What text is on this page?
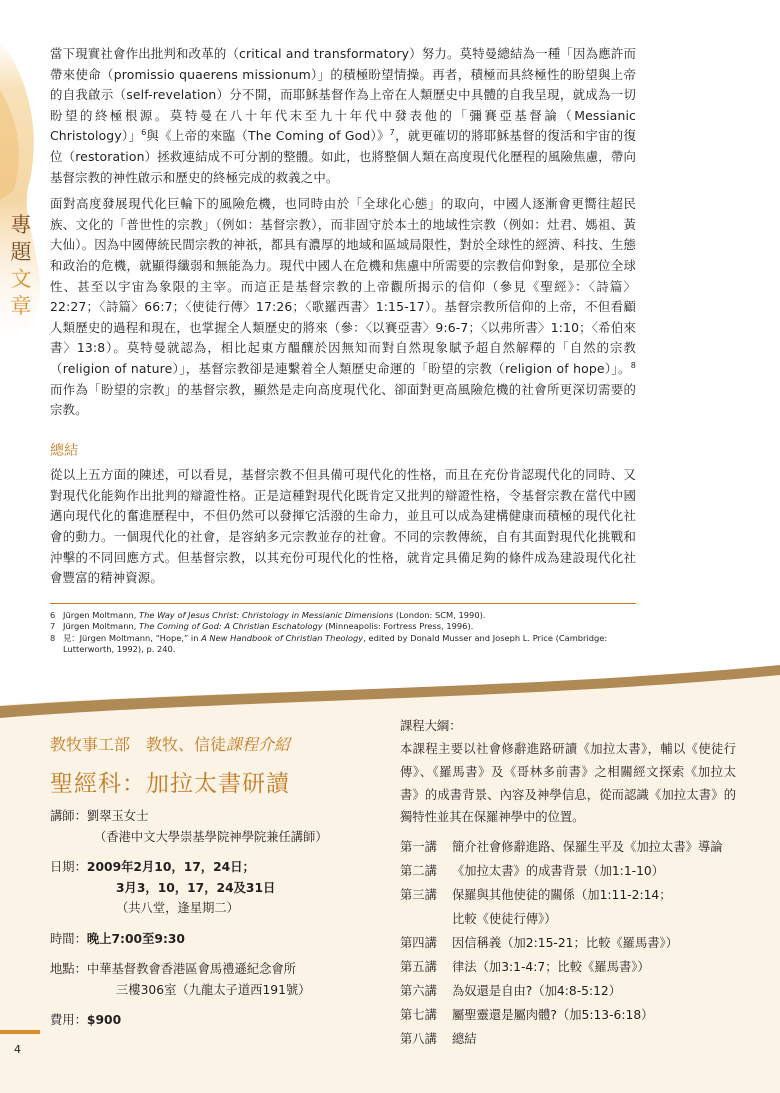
專
題
文
章

當下現實社會作出批判和改革的（critical and transformatory）努力。莫特曼總結為一種「因為應許而帶來使命（promissio quaerens missionum）」的積極盼望情操。再者，積極而具終極性的盼望與上帝的自我啟示（self-revelation）分不開，而耶穌基督作為上帝在人類歷史中具體的自我呈現，就成為一切盼望的終極根源。莫特曼在八十年代末至九十年代中發表他的「彌賽亞基督論（Messianic Christology）」$^6$與《上帝的來臨（The Coming of God）》$^7$，就更確切的將耶穌基督的復活和宇宙的復位（restoration）拯救連結成不可分割的整體。如此，也將整個人類在高度現代化歷程的風險焦慮，帶向基督宗教的神性啟示和歷史的終極完成的救義之中。

面對高度發展現代化巨輪下的風險危機，也同時由於「全球化心態」的取向，中國人逐漸會更嚮往超民族、文化的「普世性的宗教」（例如：基督宗教），而非固守於本土的地域性宗教（例如：灶君、媽祖、黃大仙）。因為中國傳統民間宗教的神祇，都具有濃厚的地域和區域局限性，對於全球性的經濟、科技、生態和政治的危機，就顯得纖弱和無能為力。現代中國人在危機和焦慮中所需要的宗教信仰對象，是那位全球性、甚至以宇宙為象限的主宰。而這正是基督宗教的上帝觀所揭示的信仰（參見《聖經》：〈詩篇〉22:27；〈詩篇〉66:7；〈使徒行傳〉17:26；〈歌羅西書〉1:15-17）。基督宗教所信仰的上帝，不但看顧人類歷史的過程和現在，也掌握全人類歷史的將來（參：〈以賽亞書〉9:6-7；〈以弗所書〉1:10；〈希伯來書〉13:8）。莫特曼就認為，相比起東方醞釀於因無知而對自然現象賦予超自然解釋的「自然的宗教（religion of nature）」，基督宗教卻是連繫着全人類歷史命運的「盼望的宗教（religion of hope）」。$^8$而作為「盼望的宗教」的基督宗教，顯然是走向高度現代化、卻面對更高風險危機的社會所更深切需要的宗教。

總結

從以上五方面的陳述，可以看見，基督宗教不但具備可現代化的性格，而且在充份肯認現代化的同時、又對現代化能夠作出批判的辯證性格。正是這種對現代化既肯定又批判的辯證性格，令基督宗教在當代中國邁向現代化的奮進歷程中，不但仍然可以發揮它活潑的生命力，並且可以成為建構健康而積極的現代化社會的動力。一個現代化的社會，是容納多元宗教並存的社會。不同的宗教傳統，自有其面對現代化挑戰和沖擊的不同回應方式。但基督宗教，以其充份可現代化的性格，就肯定具備足夠的條件成為建設現代化社會豐富的精神資源。

6 Jürgen Moltmann, The Way of Jesus Christ: Christology in Messianic Dimensions (London: SCM, 1990).
7 Jürgen Moltmann, The Coming of God: A Christian Eschatology (Minneapolis: Fortress Press, 1996).
8 見：Jürgen Moltmann, “Hope,” in A New Handbook of Christian Theology, edited by Donald Musser and Joseph L. Price (Cambridge: Lutterworth, 1992), p. 240.

教牧事工部　教牧、信徒課程介紹

聖經科：加拉太書研讀

講師：劉翠玉女士

（香港中文大學崇基學院神學院兼任講師）

日期：2009年2月10，17，24日；

3月3，10，17，24及31日

（共八堂，逢星期二）

時間：晚上7:00至9:30

地點：中華基督教會香港區會馬禮遜紀念會所

三樓306室（九龍太子道西191號）

費用：$900

課程大綱：

本課程主要以社會修辭進路研讀《加拉太書》，輔以《使徒行傳》、《羅馬書》及《哥林多前書》之相關經文探索《加拉太書》的成書背景、內容及神學信息，從而認識《加拉太書》的獨特性並其在保羅神學中的位置。

第一講	簡介社會修辭進路、保羅生平及《加拉太書》導論
第二講	《加拉太書》的成書背景（加1:1-10）
第三講	保羅與其他使徒的關係（加1:11-2:14；
比較《使徒行傳》）
第四講	因信稱義（加2:15-21；比較《羅馬書》）
第五講	律法（加3:1-4:7；比較《羅馬書》）
第六講	為奴還是自由?（加4:8-5:12）
第七講	屬聖靈還是屬肉體?（加5:13-6:18）
第八講	總結
4
